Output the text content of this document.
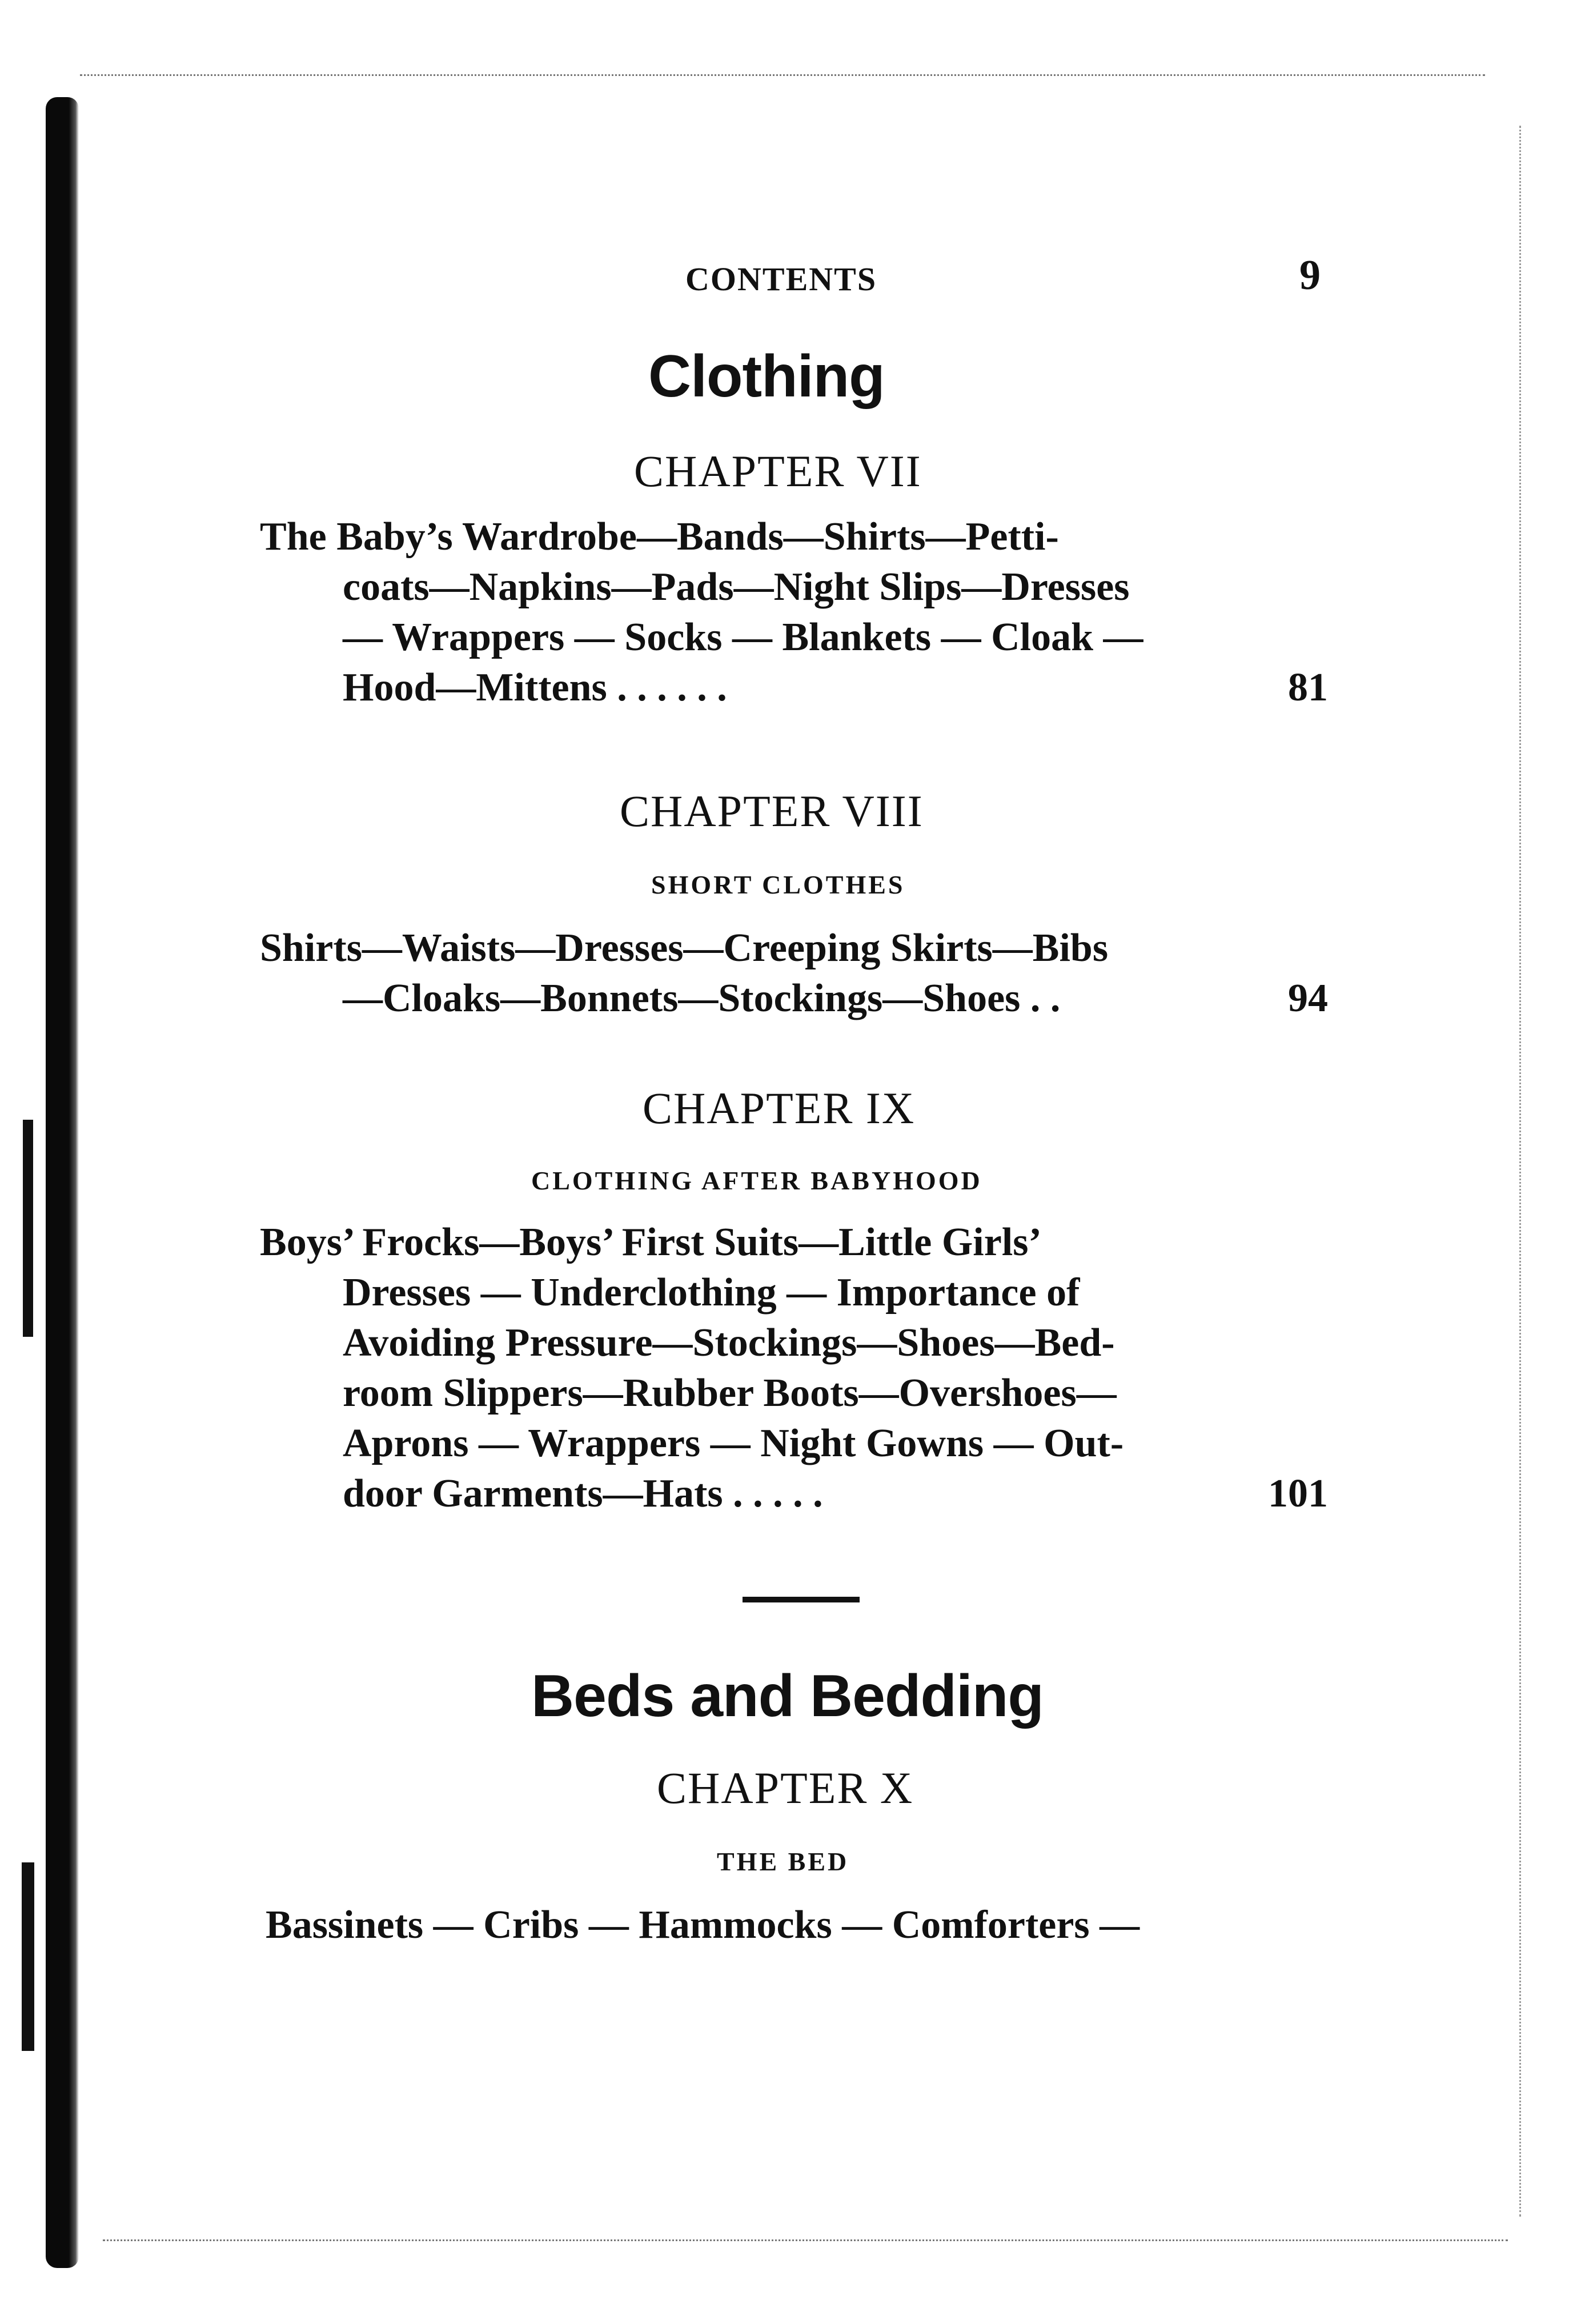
CONTENTS	9
Clothing
CHAPTER VII
The Baby’s Wardrobe—Bands—Shirts—Petti-
coats—Napkins—Pads—Night Slips—Dresses
— Wrappers — Socks — Blankets — Cloak —
Hood—Mittens . . . . . .	81
CHAPTER VIII
SHORT CLOTHES
Shirts—Waists—Dresses—Creeping Skirts—Bibs
—Cloaks—Bonnets—Stockings—Shoes . .	94
CHAPTER IX
CLOTHING AFTER BABYHOOD
Boys’ Frocks—Boys’ First Suits—Little Girls’
Dresses — Underclothing — Importance of
Avoiding Pressure—Stockings—Shoes—Bed-
room Slippers—Rubber Boots—Overshoes—
Aprons — Wrappers — Night Gowns — Out-
door Garments—Hats . . . . .	101
Beds and Bedding
CHAPTER X
THE BED
Bassinets — Cribs — Hammocks — Comforters —
